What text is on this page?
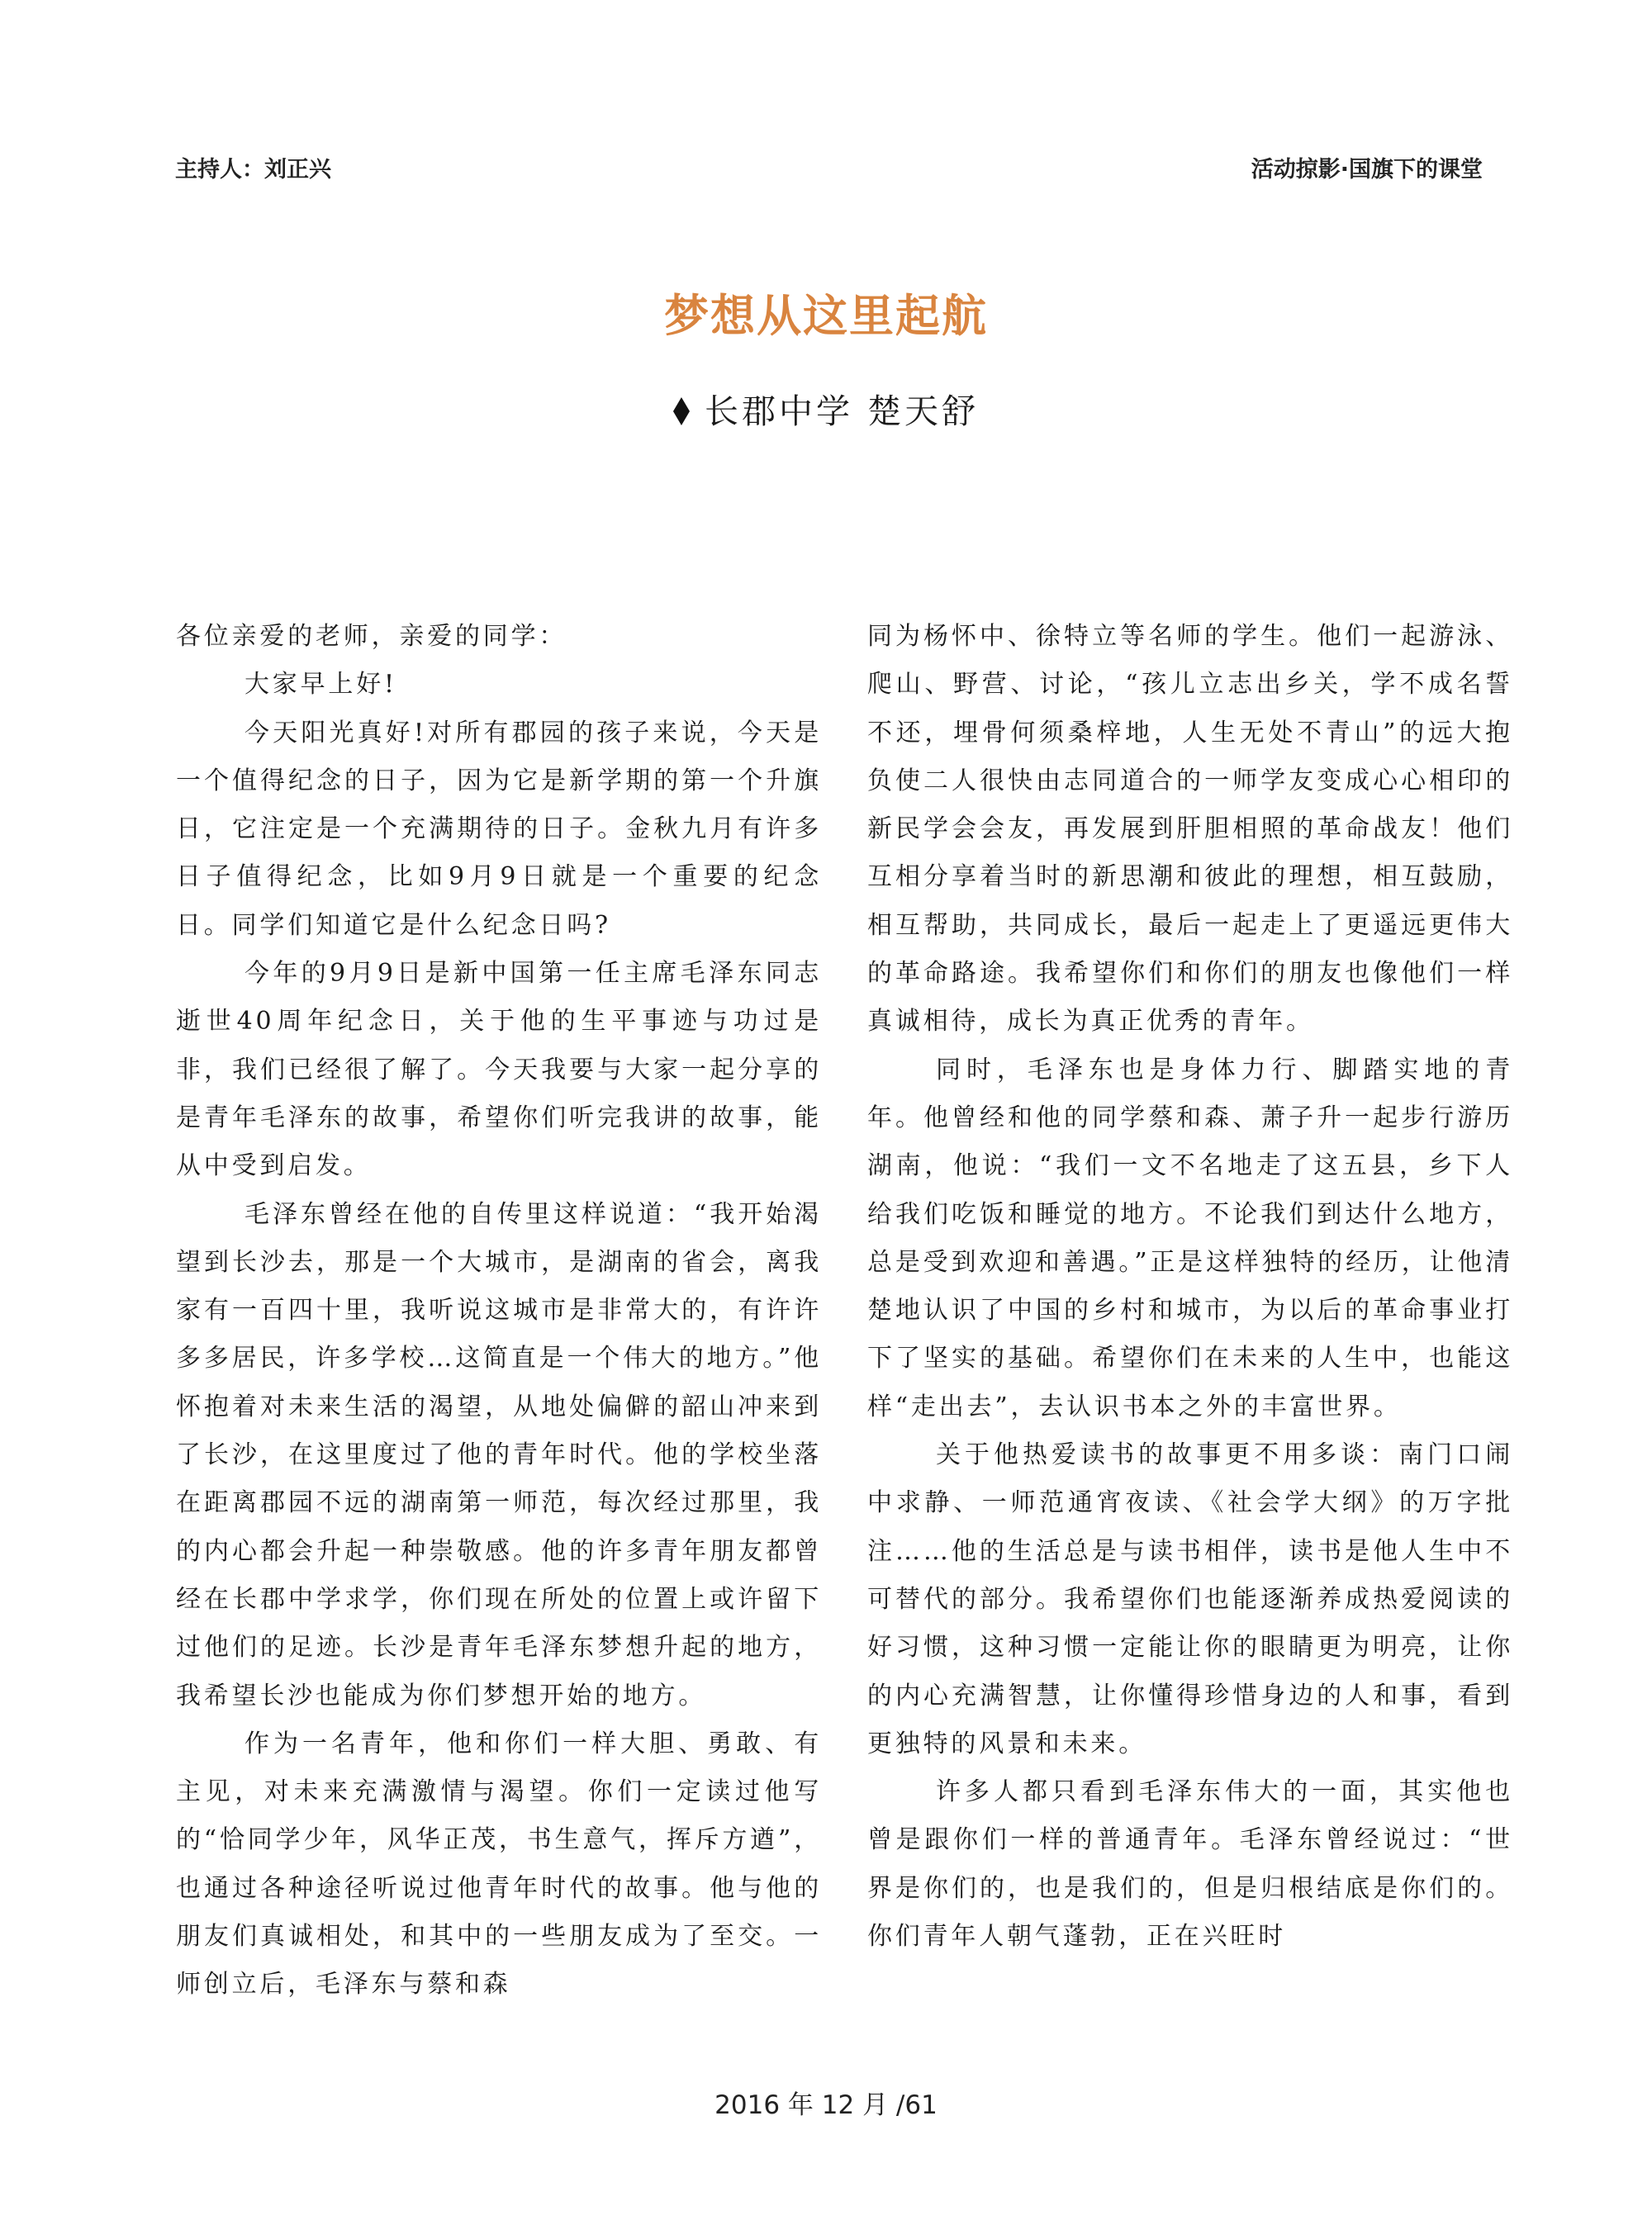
主持人：刘正兴	活动掠影·国旗下的课堂
梦想从这里起航
长郡中学 楚天舒

各位亲爱的老师，亲爱的同学：

大家早上好!

今天阳光真好!对所有郡园的孩子来说，今天是一个值得纪念的日子，因为它是新学期的第一个升旗日，它注定是一个充满期待的日子。金秋九月有许多日子值得纪念，比如9月9日就是一个重要的纪念日。同学们知道它是什么纪念日吗?

今年的9月9日是新中国第一任主席毛泽东同志逝世40周年纪念日，关于他的生平事迹与功过是非，我们已经很了解了。今天我要与大家一起分享的是青年毛泽东的故事，希望你们听完我讲的故事，能从中受到启发。

毛泽东曾经在他的自传里这样说道：“我开始渴望到长沙去，那是一个大城市，是湖南的省会，离我家有一百四十里，我听说这城市是非常大的，有许许多多居民，许多学校…这简直是一个伟大的地方。”他怀抱着对未来生活的渴望，从地处偏僻的韶山冲来到了长沙，在这里度过了他的青年时代。他的学校坐落在距离郡园不远的湖南第一师范，每次经过那里，我的内心都会升起一种崇敬感。他的许多青年朋友都曾经在长郡中学求学，你们现在所处的位置上或许留下过他们的足迹。长沙是青年毛泽东梦想升起的地方，我希望长沙也能成为你们梦想开始的地方。

作为一名青年，他和你们一样大胆、勇敢、有主见，对未来充满激情与渴望。你们一定读过他写的“恰同学少年，风华正茂，书生意气，挥斥方遒”，也通过各种途径听说过他青年时代的故事。他与他的朋友们真诚相处，和其中的一些朋友成为了至交。一师创立后，毛泽东与蔡和森

同为杨怀中、徐特立等名师的学生。他们一起游泳、爬山、野营、讨论，“孩儿立志出乡关，学不成名誓不还，埋骨何须桑梓地，人生无处不青山”的远大抱负使二人很快由志同道合的一师学友变成心心相印的新民学会会友，再发展到肝胆相照的革命战友！他们互相分享着当时的新思潮和彼此的理想，相互鼓励，相互帮助，共同成长，最后一起走上了更遥远更伟大的革命路途。我希望你们和你们的朋友也像他们一样真诚相待，成长为真正优秀的青年。

同时，毛泽东也是身体力行、脚踏实地的青年。他曾经和他的同学蔡和森、萧子升一起步行游历湖南，他说：“我们一文不名地走了这五县，乡下人给我们吃饭和睡觉的地方。不论我们到达什么地方，总是受到欢迎和善遇。”正是这样独特的经历，让他清楚地认识了中国的乡村和城市，为以后的革命事业打下了坚实的基础。希望你们在未来的人生中，也能这样“走出去”，去认识书本之外的丰富世界。

关于他热爱读书的故事更不用多谈：南门口闹中求静、一师范通宵夜读、《社会学大纲》的万字批注……他的生活总是与读书相伴，读书是他人生中不可替代的部分。我希望你们也能逐渐养成热爱阅读的好习惯，这种习惯一定能让你的眼睛更为明亮，让你的内心充满智慧，让你懂得珍惜身边的人和事，看到更独特的风景和未来。

许多人都只看到毛泽东伟大的一面，其实他也曾是跟你们一样的普通青年。毛泽东曾经说过：“世界是你们的，也是我们的，但是归根结底是你们的。你们青年人朝气蓬勃，正在兴旺时

2016 年 12 月 /61
